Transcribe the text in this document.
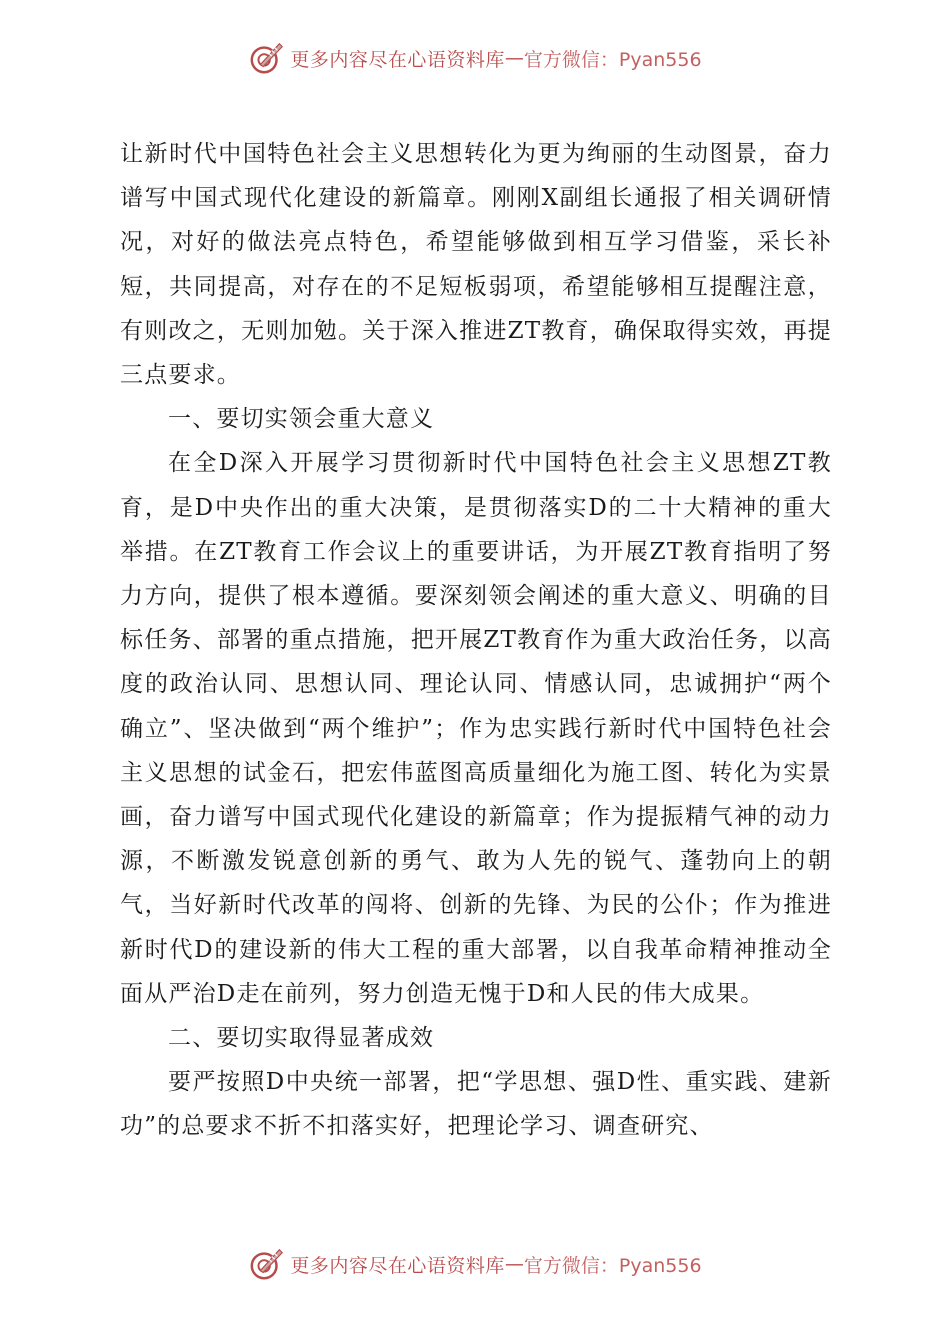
更多内容尽在心语资料库 — 官方微信：Pyan556

让新时代中国特色社会主义思想转化为更为绚丽的生动图景，奋力谱写中国式现代化建设的新篇章。刚刚X副组长通报了相关调研情况，对好的做法亮点特色，希望能够做到相互学习借鉴，采长补短，共同提高，对存在的不足短板弱项，希望能够相互提醒注意，有则改之，无则加勉。关于深入推进ZT教育，确保取得实效，再提三点要求。

一、要切实领会重大意义

在全D深入开展学习贯彻新时代中国特色社会主义思想ZT教育，是D中央作出的重大决策，是贯彻落实D的二十大精神的重大举措。在ZT教育工作会议上的重要讲话，为开展ZT教育指明了努力方向，提供了根本遵循。要深刻领会阐述的重大意义、明确的目标任务、部署的重点措施，把开展ZT教育作为重大政治任务，以高度的政治认同、思想认同、理论认同、情感认同，忠诚拥护“两个确立”、坚决做到“两个维护”；作为忠实践行新时代中国特色社会主义思想的试金石，把宏伟蓝图高质量细化为施工图、转化为实景画，奋力谱写中国式现代化建设的新篇章；作为提振精气神的动力源，不断激发锐意创新的勇气、敢为人先的锐气、蓬勃向上的朝气，当好新时代改革的闯将、创新的先锋、为民的公仆；作为推进新时代D的建设新的伟大工程的重大部署，以自我革命精神推动全面从严治D走在前列，努力创造无愧于D和人民的伟大成果。

二、要切实取得显著成效

要严按照D中央统一部署，把“学思想、强D性、重实践、建新功”的总要求不折不扣落实好，把理论学习、调查研究、

更多内容尽在心语资料库 — 官方微信：Pyan556
